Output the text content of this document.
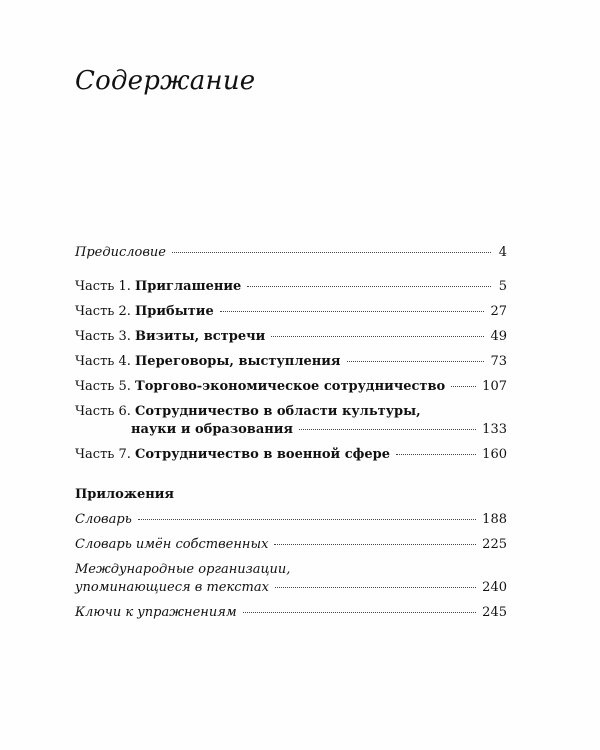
Содержание
Предисловие	4
Часть 1. Приглашение	5
Часть 2. Прибытие	27
Часть 3. Визиты, встречи	49
Часть 4. Переговоры, выступления	73
Часть 5. Торгово-экономическое сотрудничество	107
Часть 6. Сотрудничество в области культуры,
науки и образования	133
Часть 7. Сотрудничество в военной сфере	160
Приложения
Словарь	188
Словарь имён собственных	225
Международные организации,
упоминающиеся в текстах	240
Ключи к упражнениям	245
